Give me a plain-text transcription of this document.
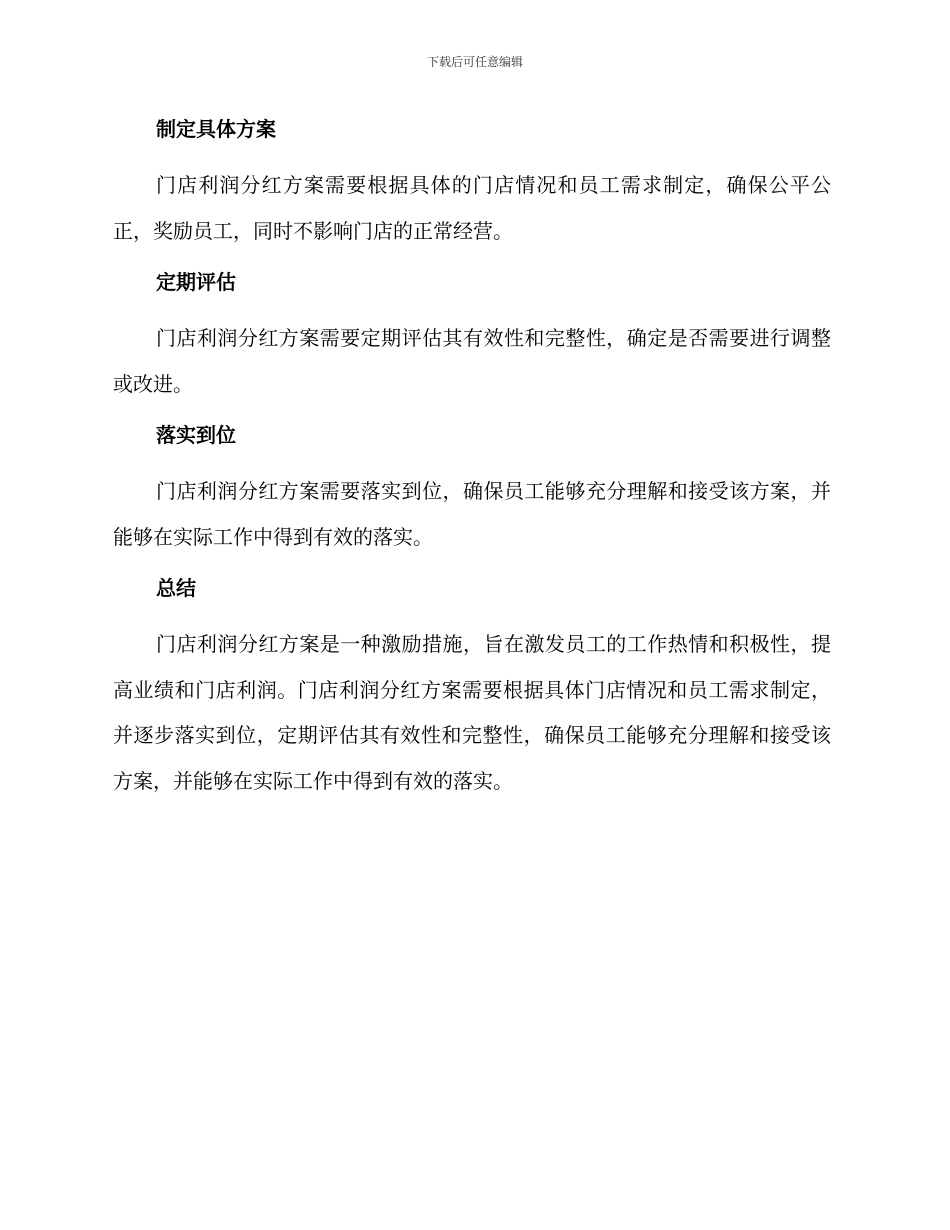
下载后可任意编辑
制定具体方案

门店利润分红方案需要根据具体的门店情况和员工需求制定，确保公平公正，奖励员工，同时不影响门店的正常经营。

定期评估

门店利润分红方案需要定期评估其有效性和完整性，确定是否需要进行调整或改进。

落实到位

门店利润分红方案需要落实到位，确保员工能够充分理解和接受该方案，并能够在实际工作中得到有效的落实。

总结

门店利润分红方案是一种激励措施，旨在激发员工的工作热情和积极性，提高业绩和门店利润。门店利润分红方案需要根据具体门店情况和员工需求制定，并逐步落实到位，定期评估其有效性和完整性，确保员工能够充分理解和接受该方案，并能够在实际工作中得到有效的落实。
